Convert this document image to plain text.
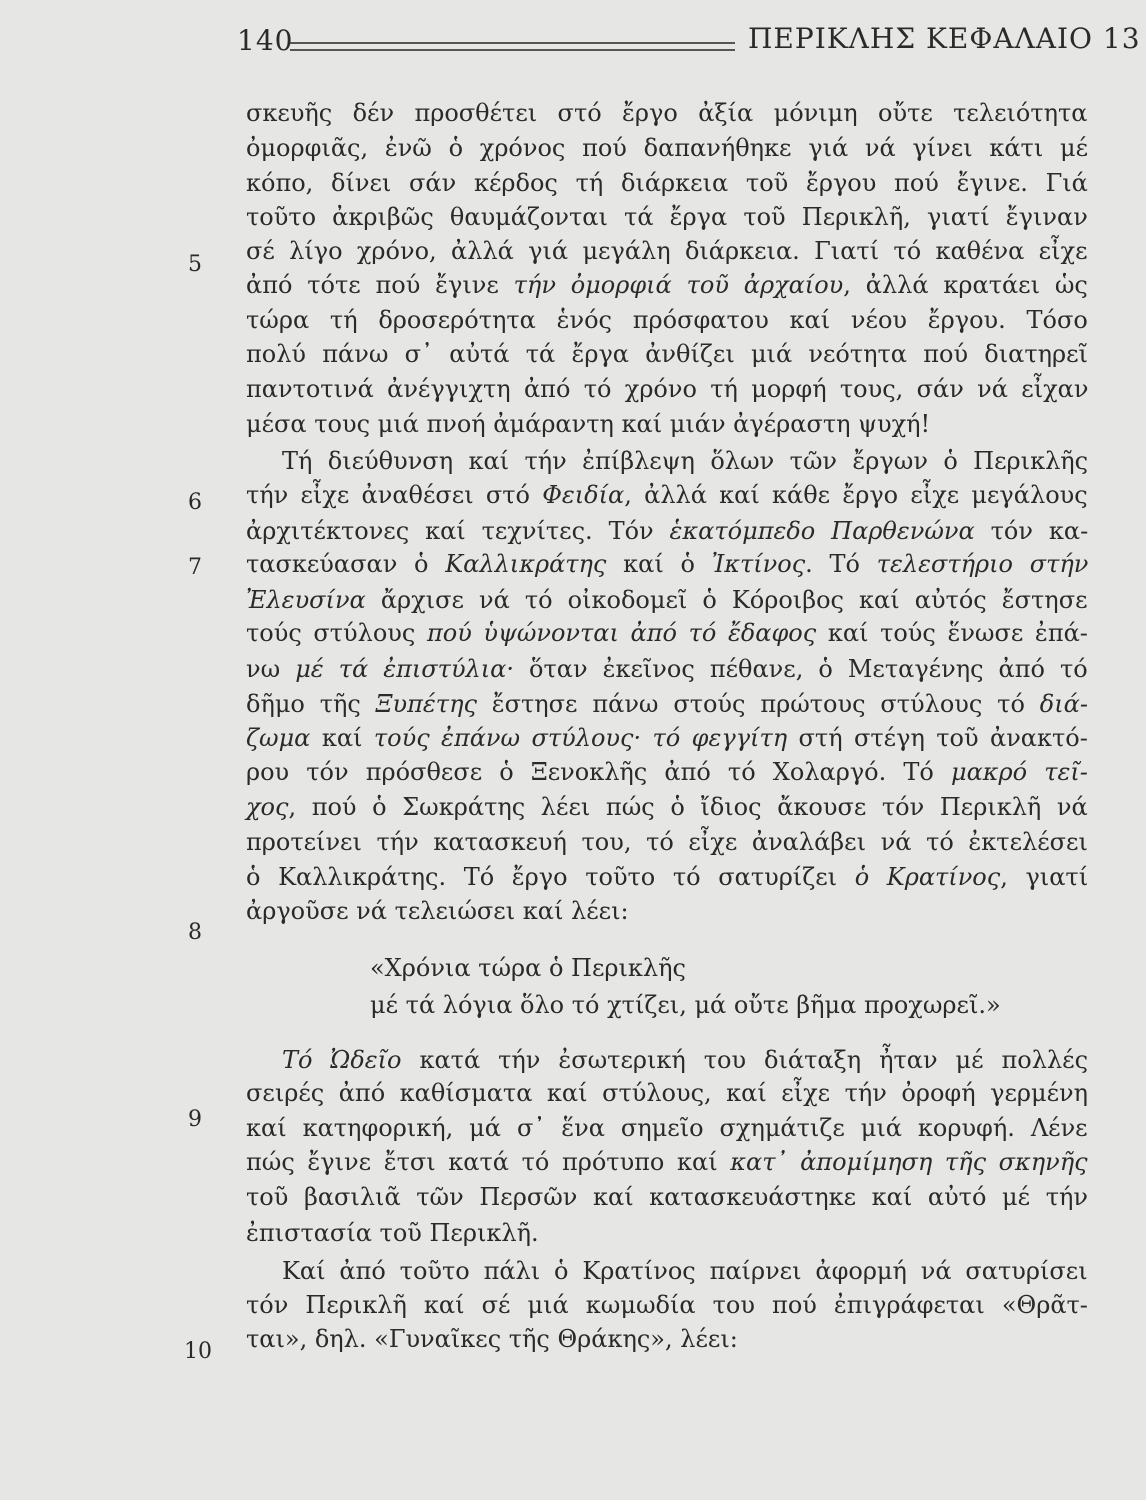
140	ΠΕΡΙΚΛΗΣ ΚΕΦΑΛΑΙΟ 13
σκευῆς δέν προσθέτει στό ἔργο ἀξία μόνιμη οὔτε τελειότητα
ὀμορφιᾶς, ἐνῶ ὁ χρόνος πού δαπανήθηκε γιά νά γίνει κάτι μέ
κόπο, δίνει σάν κέρδος τή διάρκεια τοῦ ἔργου πού ἔγινε. Γιά
τοῦτο ἀκριβῶς θαυμάζονται τά ἔργα τοῦ Περικλῆ, γιατί ἔγιναν
σέ λίγο χρόνο, ἀλλά γιά μεγάλη διάρκεια. Γιατί τό καθένα εἶχε
ἀπό τότε πού ἔγινε τήν ὀμορφιά τοῦ ἀρχαίου, ἀλλά κρατάει ὡς
τώρα τή δροσερότητα ἑνός πρόσφατου καί νέου ἔργου. Τόσο
πολύ πάνω σ᾽ αὐτά τά ἔργα ἀνθίζει μιά νεότητα πού διατηρεῖ
παντοτινά ἀνέγγιχτη ἀπό τό χρόνο τή μορφή τους, σάν νά εἶχαν
μέσα τους μιά πνοή ἀμάραντη καί μιάν ἀγέραστη ψυχή!
Τή διεύθυνση καί τήν ἐπίβλεψη ὅλων τῶν ἔργων ὁ Περικλῆς
τήν εἶχε ἀναθέσει στό Φειδία, ἀλλά καί κάθε ἔργο εἶχε μεγάλους
ἀρχιτέκτονες καί τεχνίτες. Τόν ἑκατόμπεδο Παρθενώνα τόν κα-
τασκεύασαν ὁ Καλλικράτης καί ὁ Ἰκτίνος. Τό τελεστήριο στήν
Ἐλευσίνα ἄρχισε νά τό οἰκοδομεῖ ὁ Κόροιβος καί αὐτός ἔστησε
τούς στύλους πού ὑψώνονται ἀπό τό ἔδαφος καί τούς ἕνωσε ἐπά-
νω μέ τά ἐπιστύλια· ὅταν ἐκεῖνος πέθανε, ὁ Μεταγένης ἀπό τό
δῆμο τῆς Ξυπέτης ἔστησε πάνω στούς πρώτους στύλους τό διά-
ζωμα καί τούς ἐπάνω στύλους· τό φεγγίτη στή στέγη τοῦ ἀνακτό-
ρου τόν πρόσθεσε ὁ Ξενοκλῆς ἀπό τό Χολαργό. Τό μακρό τεῖ-
χος, πού ὁ Σωκράτης λέει πώς ὁ ἴδιος ἄκουσε τόν Περικλῆ νά
προτείνει τήν κατασκευή του, τό εἶχε ἀναλάβει νά τό ἐκτελέσει
ὁ Καλλικράτης. Τό ἔργο τοῦτο τό σατυρίζει ὁ Κρατίνος, γιατί
ἀργοῦσε νά τελειώσει καί λέει:
«Χρόνια τώρα ὁ Περικλῆς
μέ τά λόγια ὅλο τό χτίζει, μά οὔτε βῆμα προχωρεῖ.»
Τό Ὠδεῖο κατά τήν ἐσωτερική του διάταξη ἦταν μέ πολλές
σειρές ἀπό καθίσματα καί στύλους, καί εἶχε τήν ὀροφή γερμένη
καί κατηφορική, μά σ᾽ ἕνα σημεῖο σχημάτιζε μιά κορυφή. Λένε
πώς ἔγινε ἔτσι κατά τό πρότυπο καί κατ᾽ ἀπομίμηση τῆς σκηνῆς
τοῦ βασιλιᾶ τῶν Περσῶν καί κατασκευάστηκε καί αὐτό μέ τήν
ἐπιστασία τοῦ Περικλῆ.
Καί ἀπό τοῦτο πάλι ὁ Κρατίνος παίρνει ἀφορμή νά σατυρίσει
τόν Περικλῆ καί σέ μιά κωμωδία του πού ἐπιγράφεται «Θρᾶτ-
ται», δηλ. «Γυναῖκες τῆς Θράκης», λέει:
5
6
7
8
9
10
